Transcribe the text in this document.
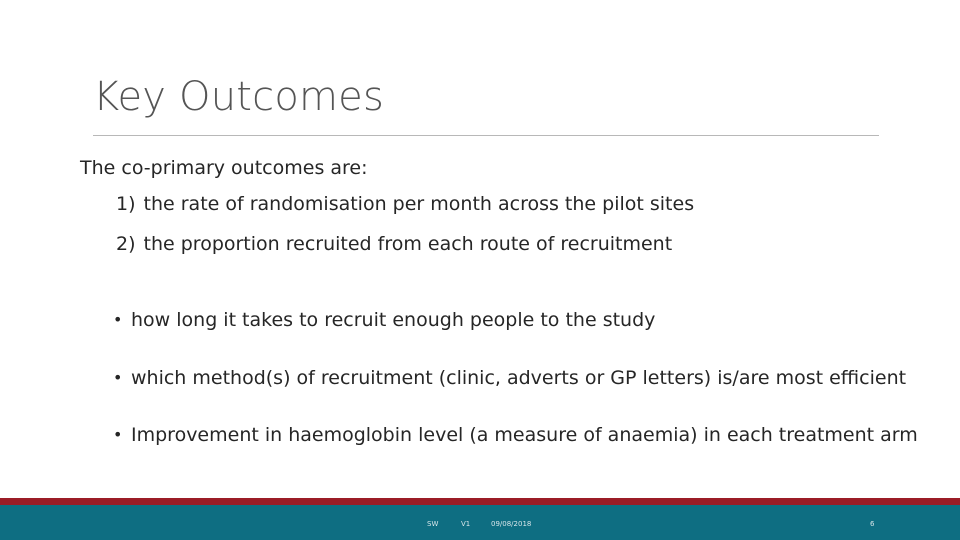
Key Outcomes
The co-primary outcomes are:
1) the rate of randomisation per month across the pilot sites
2) the proportion recruited from each route of recruitment
• how long it takes to recruit enough people to the study
• which method(s) of recruitment (clinic, adverts or GP letters) is/are most efficient
• Improvement in haemoglobin level (a measure of anaemia) in each treatment arm
SW	V1	09/08/2018	6
